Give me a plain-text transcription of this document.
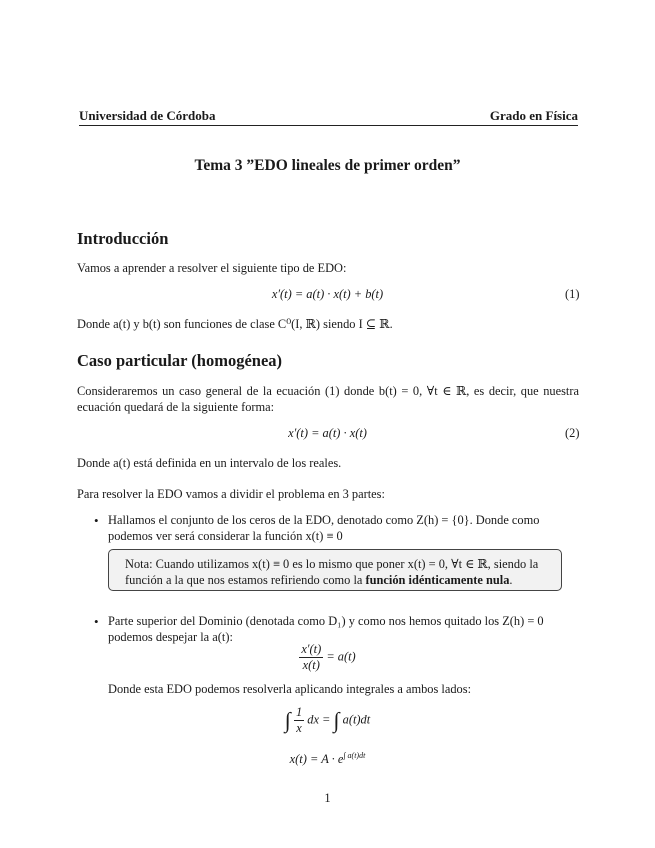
Universidad de Córdoba	Grado en Física
Tema 3 ”EDO lineales de primer orden”
Introducción
Vamos a aprender a resolver el siguiente tipo de EDO:
x′(t) = a(t) · x(t) + b(t)	(1)
Donde a(t) y b(t) son funciones de clase C⁰(I, ℝ) siendo I ⊆ ℝ.
Caso particular (homogénea)
Consideraremos un caso general de la ecuación (1) donde b(t) = 0, ∀t ∈ ℝ, es decir, que nuestra ecuación quedará de la siguiente forma:
x′(t) = a(t) · x(t)	(2)
Donde a(t) está definida en un intervalo de los reales.
Para resolver la EDO vamos a dividir el problema en 3 partes:
• Hallamos el conjunto de los ceros de la EDO, denotado como Z(h) = {0}. Donde como podemos ver será considerar la función x(t) ≡ 0
Nota: Cuando utilizamos x(t) ≡ 0 es lo mismo que poner x(t) = 0, ∀t ∈ ℝ, siendo la función a la que nos estamos refiriendo como la función idénticamente nula.
• Parte superior del Dominio (denotada como D₁) y como nos hemos quitado los Z(h) = 0 podemos despejar la a(t):
$\frac{x'(t)}{x(t)} = a(t)$
Donde esta EDO podemos resolverla aplicando integrales a ambos lados:
∫ $\frac{1}{x}$ dx = ∫ a(t)dt
$x(t) = A \cdot e^{\int a(t)dt}$
1
